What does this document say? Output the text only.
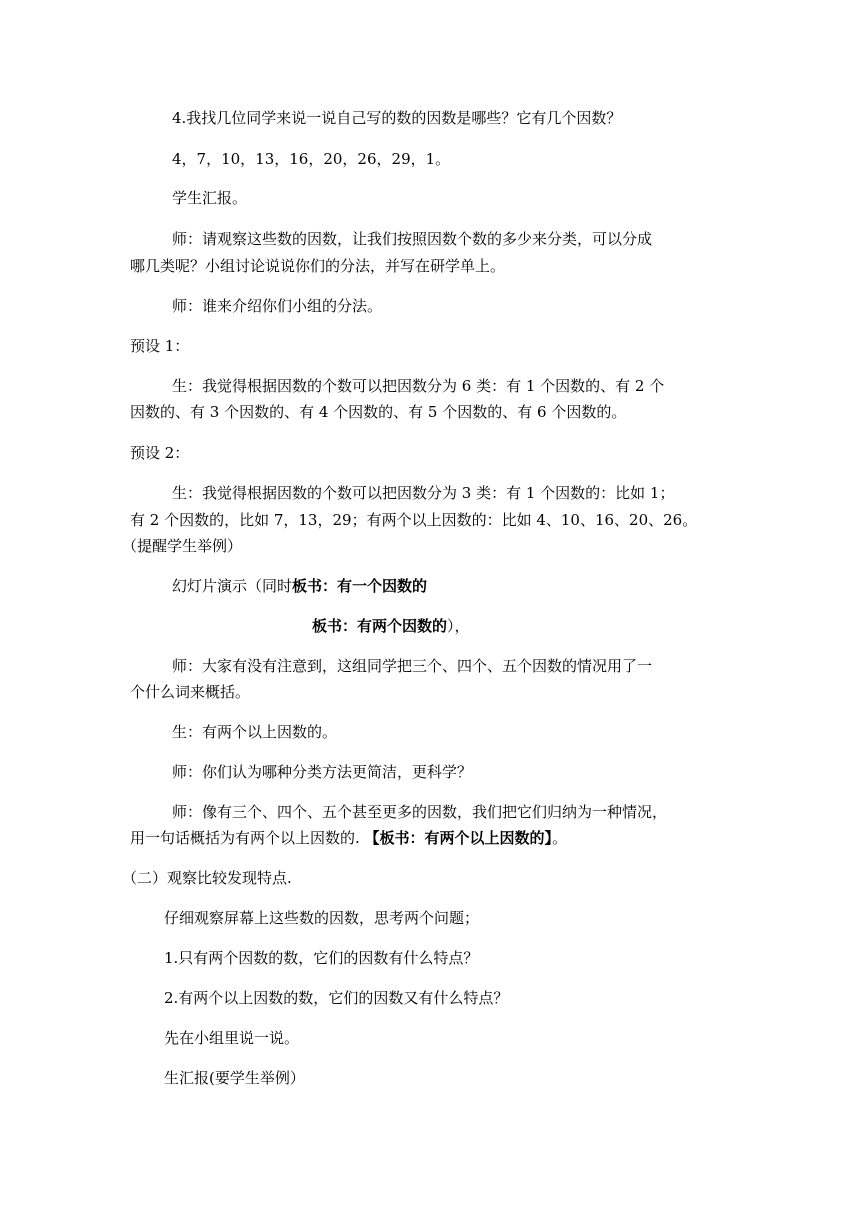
4.我找几位同学来说一说自己写的数的因数是哪些？它有几个因数？
4，7，10，13，16，20，26，29，1。
学生汇报。
师：请观察这些数的因数，让我们按照因数个数的多少来分类，可以分成
哪几类呢？小组讨论说说你们的分法，并写在研学单上。
师：谁来介绍你们小组的分法。
预设 1：
生：我觉得根据因数的个数可以把因数分为 6 类：有 1 个因数的、有 2 个
因数的、有 3 个因数的、有 4 个因数的、有 5 个因数的、有 6 个因数的。
预设 2：
生：我觉得根据因数的个数可以把因数分为 3 类：有 1 个因数的：比如 1；
有 2 个因数的，比如 7，13，29；有两个以上因数的：比如 4、10、16、20、26。
（提醒学生举例）
幻灯片演示（同时板书：有一个因数的
板书：有两个因数的），
师：大家有没有注意到，这组同学把三个、四个、五个因数的情况用了一
个什么词来概括。
生：有两个以上因数的。
师：你们认为哪种分类方法更简洁，更科学？
师：像有三个、四个、五个甚至更多的因数，我们把它们归纳为一种情况，
用一句话概括为有两个以上因数的. 【板书：有两个以上因数的】。
（二）观察比较发现特点.
仔细观察屏幕上这些数的因数，思考两个问题；
1.只有两个因数的数，它们的因数有什么特点？
2.有两个以上因数的数，它们的因数又有什么特点？
先在小组里说一说。
生汇报(要学生举例）
